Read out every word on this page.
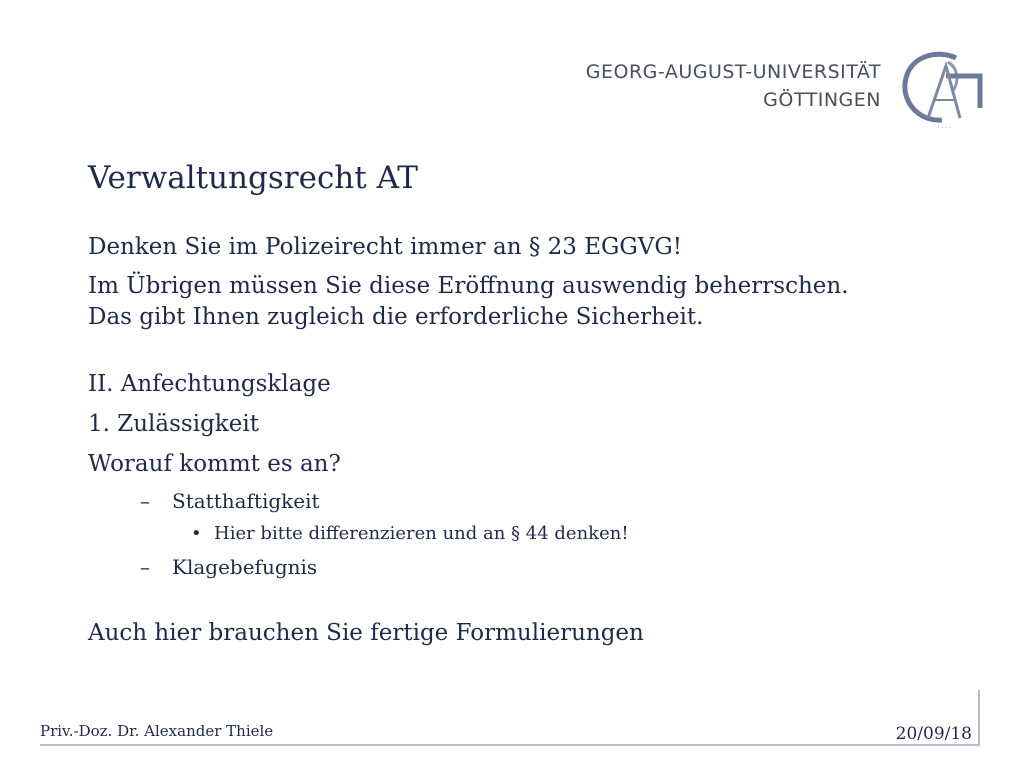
GEORG-AUGUST-UNIVERSITÄT
GÖTTINGEN
· · · ·
Verwaltungsrecht AT

Denken Sie im Polizeirecht immer an § 23 EGGVG!

Im Übrigen müssen Sie diese Eröffnung auswendig beherrschen.
Das gibt Ihnen zugleich die erforderliche Sicherheit.

II. Anfechtungsklage

1. Zulässigkeit

Worauf kommt es an?

– Statthaftigkeit
• Hier bitte differenzieren und an § 44 denken!
– Klagebefugnis

Auch hier brauchen Sie fertige Formulierungen

Priv.-Doz. Dr. Alexander Thiele	20/09/18
